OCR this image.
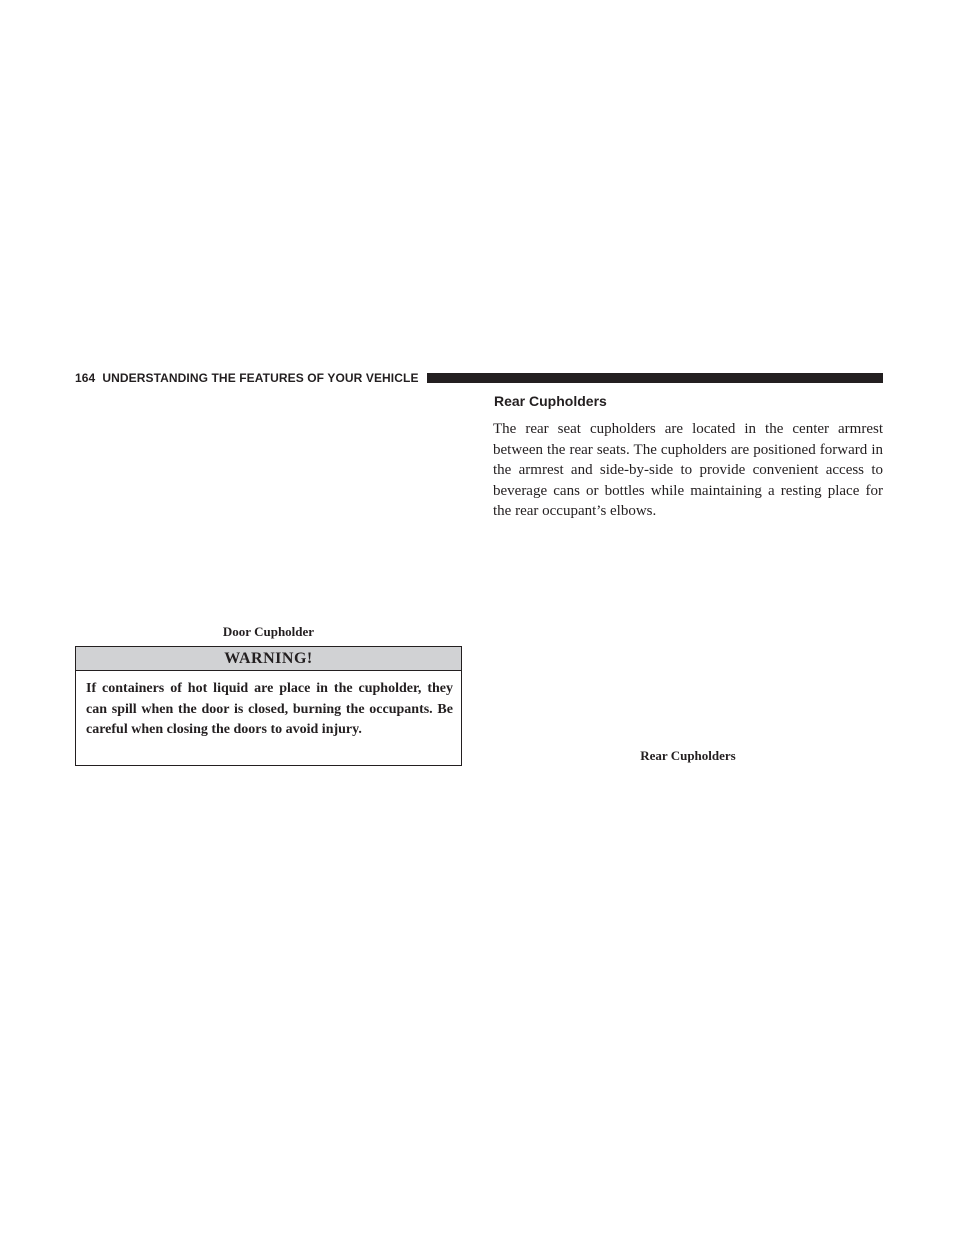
164 UNDERSTANDING THE FEATURES OF YOUR VEHICLE
Door Cupholder
WARNING!
If containers of hot liquid are place in the cupholder, they can spill when the door is closed, burning the occupants. Be careful when closing the doors to avoid injury.
Rear Cupholders
The rear seat cupholders are located in the center armrest between the rear seats. The cupholders are positioned forward in the armrest and side-by-side to provide convenient access to beverage cans or bottles while maintaining a resting place for the rear occupant’s elbows.
Rear Cupholders
